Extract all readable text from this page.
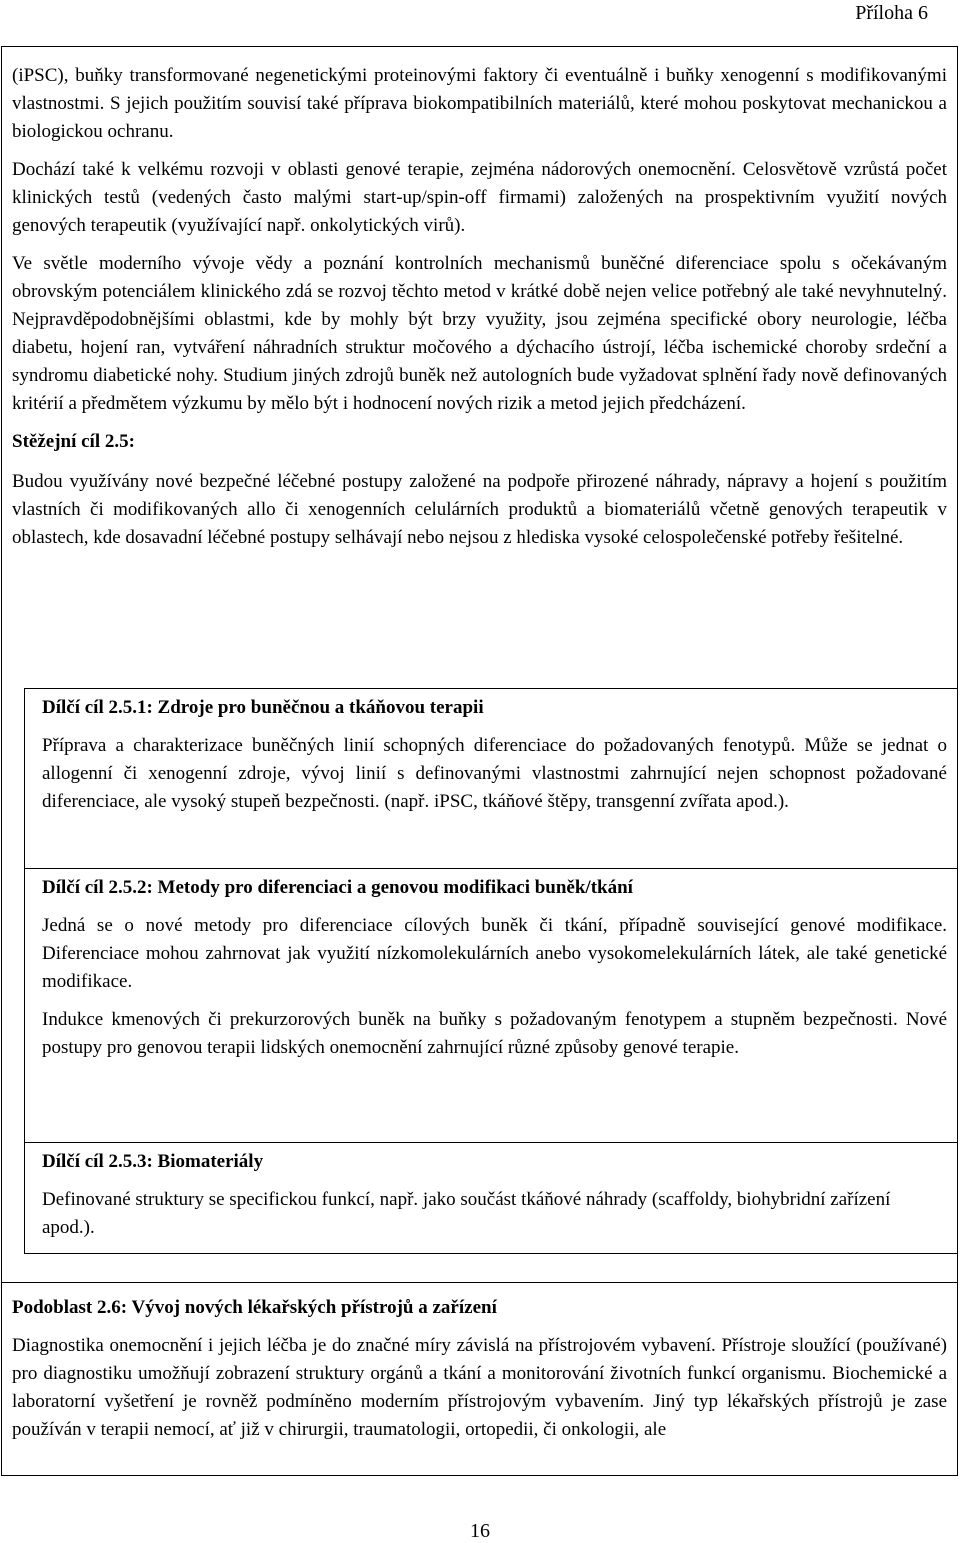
Příloha 6

(iPSC), buňky transformované negenetickými proteinovými faktory či eventuálně i buňky xenogenní s modifikovanými vlastnostmi. S jejich použitím souvisí také příprava biokompatibilních materiálů, které mohou poskytovat mechanickou a biologickou ochranu.

Dochází také k velkému rozvoji v oblasti genové terapie, zejména nádorových onemocnění. Celosvětově vzrůstá počet klinických testů (vedených často malými start-up/spin-off firmami) založených na prospektivním využití nových genových terapeutik (využívající např. onkolytických virů).

Ve světle moderního vývoje vědy a poznání kontrolních mechanismů buněčné diferenciace spolu s očekávaným obrovským potenciálem klinického zdá se rozvoj těchto metod v krátké době nejen velice potřebný ale také nevyhnutelný. Nejpravděpodobnějšími oblastmi, kde by mohly být brzy využity, jsou zejména specifické obory neurologie, léčba diabetu, hojení ran, vytváření náhradních struktur močového a dýchacího ústrojí, léčba ischemické choroby srdeční a syndromu diabetické nohy. Studium jiných zdrojů buněk než autologních bude vyžadovat splnění řady nově definovaných kritérií a předmětem výzkumu by mělo být i hodnocení nových rizik a metod jejich předcházení.

Stěžejní cíl 2.5:

Budou využívány nové bezpečné léčebné postupy založené na podpoře přirozené náhrady, nápravy a hojení s použitím vlastních či modifikovaných allo či xenogenních celulárních produktů a biomateriálů včetně genových terapeutik v oblastech, kde dosavadní léčebné postupy selhávají nebo nejsou z hlediska vysoké celospolečenské potřeby řešitelné.

Dílčí cíl 2.5.1: Zdroje pro buněčnou a tkáňovou terapii

Příprava a charakterizace buněčných linií schopných diferenciace do požadovaných fenotypů. Může se jednat o allogenní či xenogenní zdroje, vývoj linií s definovanými vlastnostmi zahrnující nejen schopnost požadované diferenciace, ale vysoký stupeň bezpečnosti. (např. iPSC, tkáňové štěpy, transgenní zvířata apod.).

Dílčí cíl 2.5.2: Metody pro diferenciaci a genovou modifikaci buněk/tkání

Jedná se o nové metody pro diferenciace cílových buněk či tkání, případně související genové modifikace. Diferenciace mohou zahrnovat jak využití nízkomolekulárních anebo vysokomelekulárních látek, ale také genetické modifikace.

Indukce kmenových či prekurzorových buněk na buňky s požadovaným fenotypem a stupněm bezpečnosti. Nové postupy pro genovou terapii lidských onemocnění zahrnující různé způsoby genové terapie.

Dílčí cíl 2.5.3: Biomateriály

Definované struktury se specifickou funkcí, např. jako součást tkáňové náhrady (scaffoldy, biohybridní zařízení apod.).

Podoblast 2.6: Vývoj nových lékařských přístrojů a zařízení

Diagnostika onemocnění i jejich léčba je do značné míry závislá na přístrojovém vybavení. Přístroje sloužící (používané) pro diagnostiku umožňují zobrazení struktury orgánů a tkání a monitorování životních funkcí organismu. Biochemické a laboratorní vyšetření je rovněž podmíněno moderním přístrojovým vybavením. Jiný typ lékařských přístrojů je zase používán v terapii nemocí, ať již v chirurgii, traumatologii, ortopedii, či onkologii, ale

16
